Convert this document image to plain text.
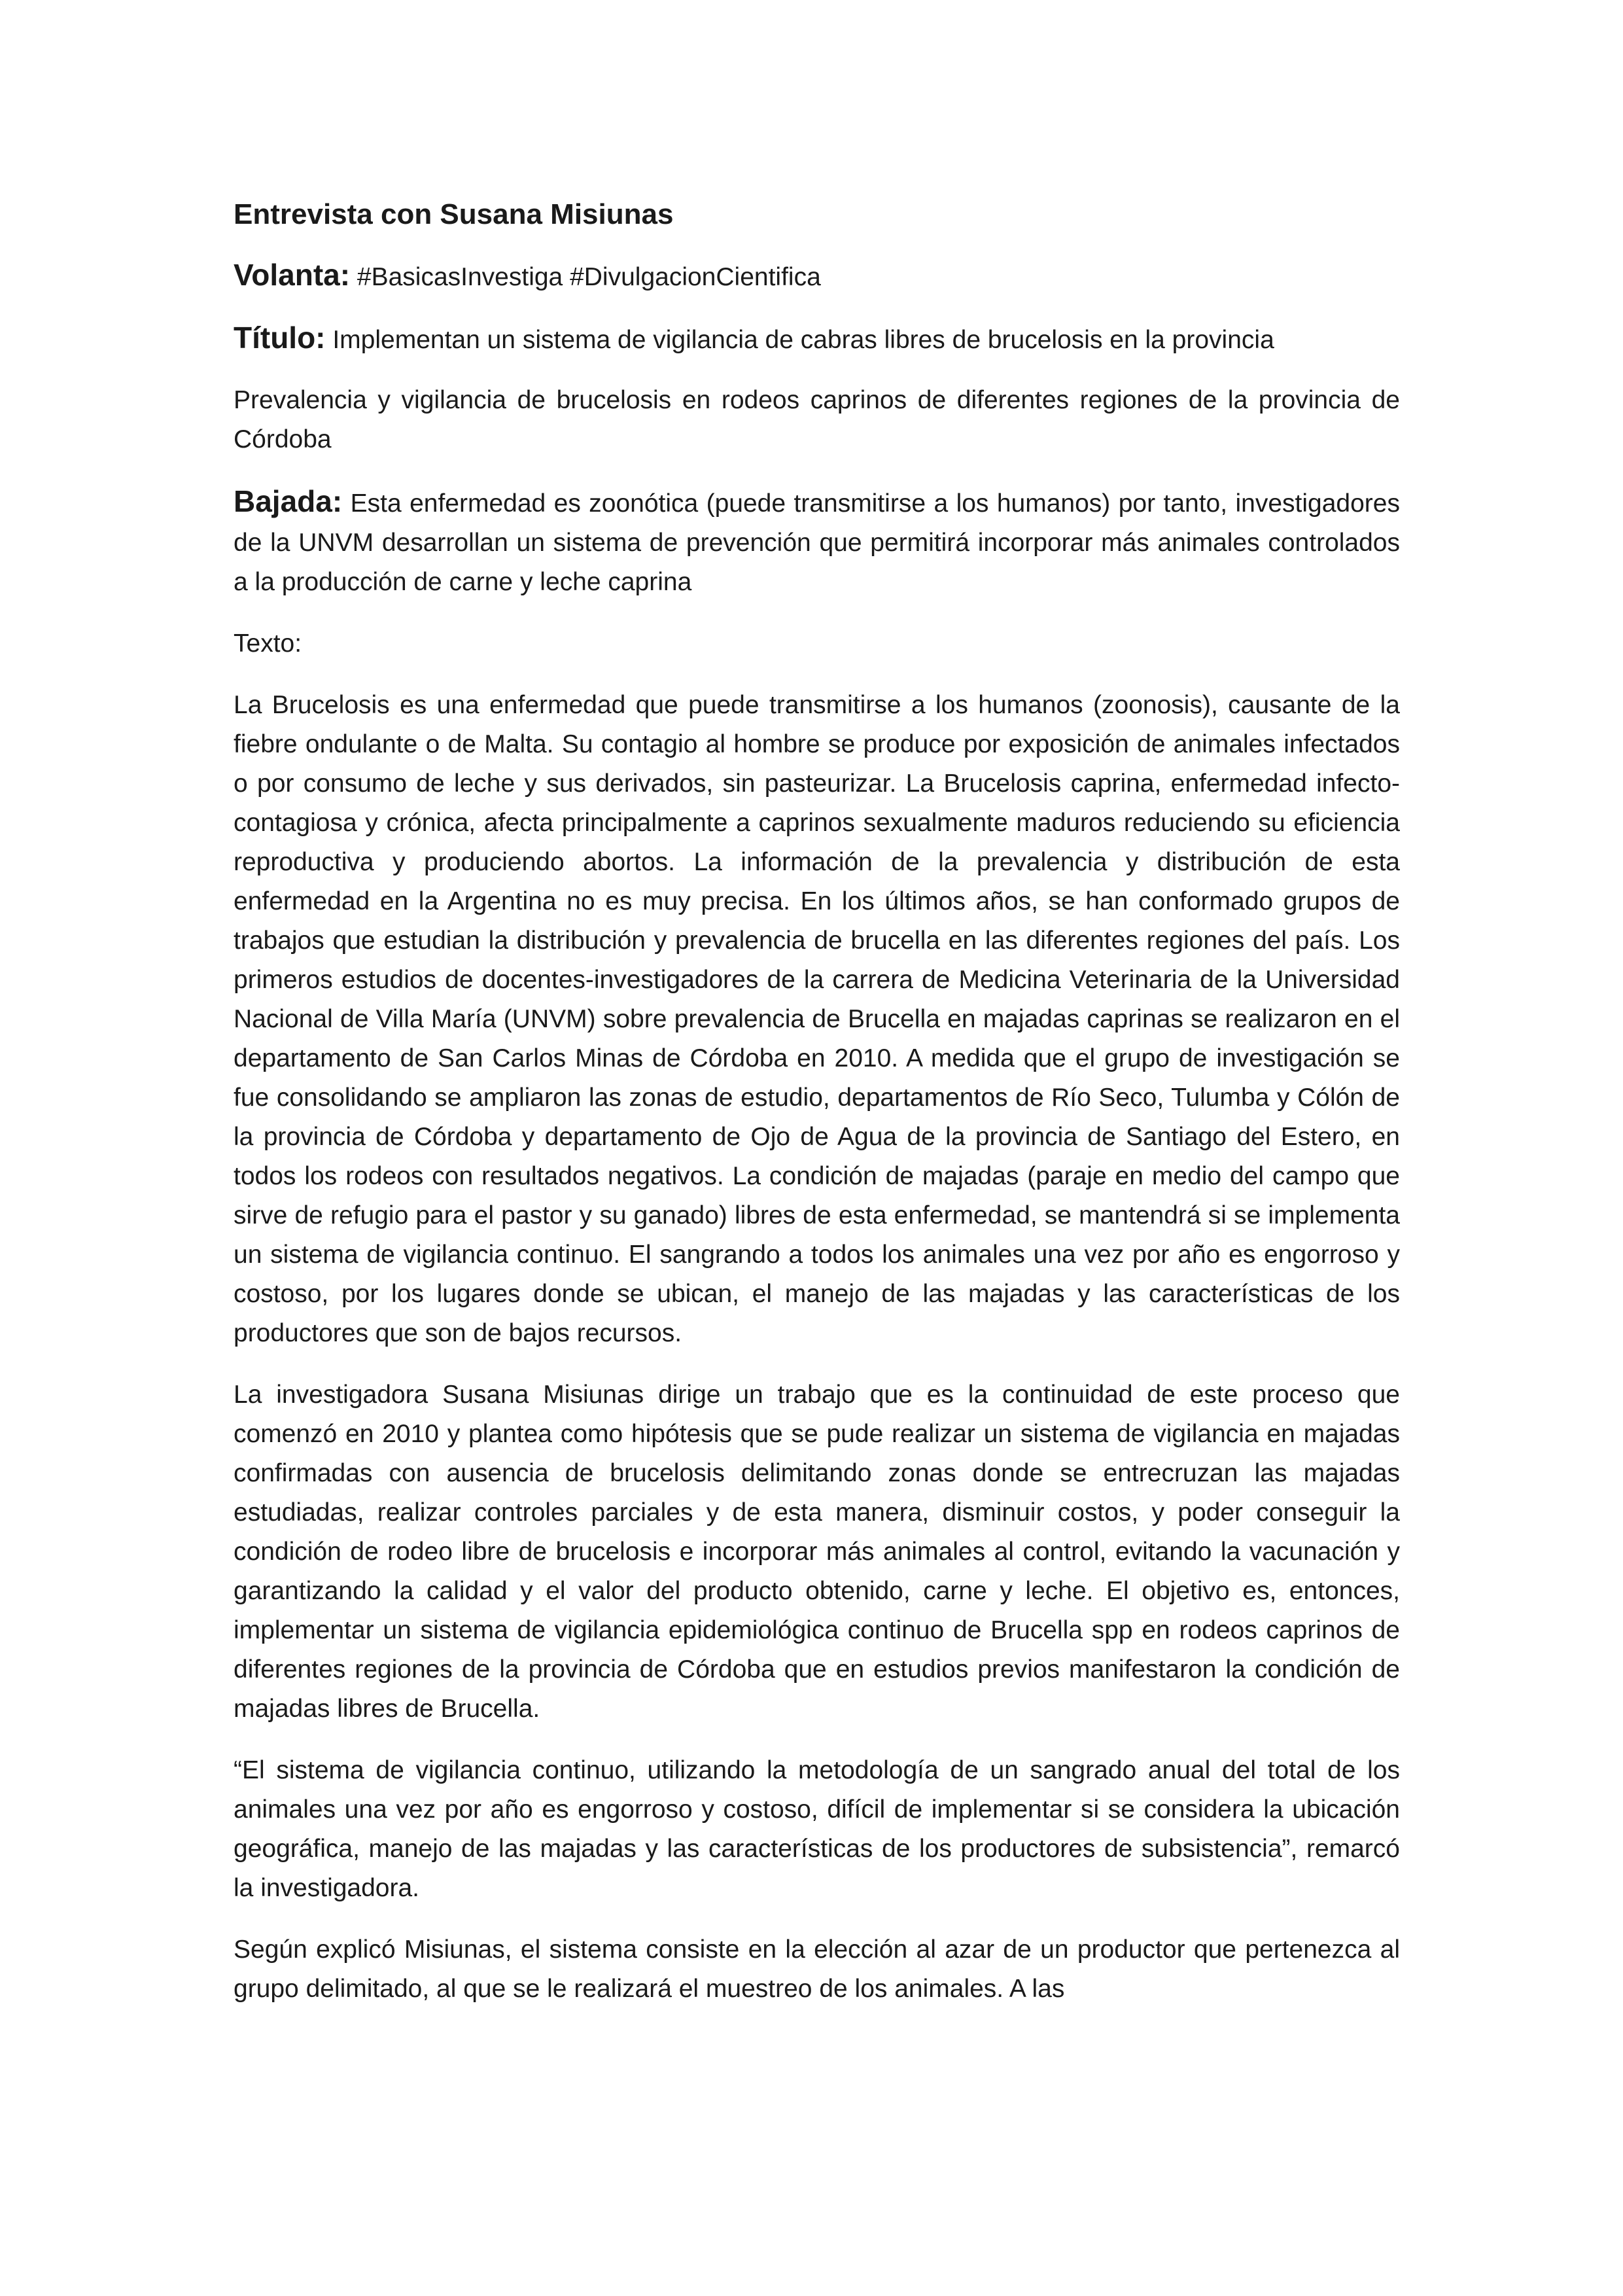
Entrevista con Susana Misiunas
Volanta: #BasicasInvestiga #DivulgacionCientifica
Título: Implementan un sistema de vigilancia de cabras libres de brucelosis en la provincia
Prevalencia y vigilancia de brucelosis en rodeos caprinos de diferentes regiones de la provincia de Córdoba
Bajada: Esta enfermedad es zoonótica (puede transmitirse a los humanos) por tanto, investigadores de la UNVM desarrollan un sistema de prevención que permitirá incorporar más animales controlados a la producción de carne y leche caprina
Texto:

La Brucelosis es una enfermedad que puede transmitirse a los humanos (zoonosis), causante de la fiebre ondulante o de Malta. Su contagio al hombre se produce por exposición de animales infectados o por consumo de leche y sus derivados, sin pasteurizar. La Brucelosis caprina, enfermedad infecto-contagiosa y crónica, afecta principalmente a caprinos sexualmente maduros reduciendo su eficiencia reproductiva y produciendo abortos. La información de la prevalencia y distribución de esta enfermedad en la Argentina no es muy precisa. En los últimos años, se han conformado grupos de trabajos que estudian la distribución y prevalencia de brucella en las diferentes regiones del país. Los primeros estudios de docentes-investigadores de la carrera de Medicina Veterinaria de la Universidad Nacional de Villa María (UNVM) sobre prevalencia de Brucella en majadas caprinas se realizaron en el departamento de San Carlos Minas de Córdoba en 2010. A medida que el grupo de investigación se fue consolidando se ampliaron las zonas de estudio, departamentos de Río Seco, Tulumba y Cólón de la provincia de Córdoba y departamento de Ojo de Agua de la provincia de Santiago del Estero, en todos los rodeos con resultados negativos. La condición de majadas (paraje en medio del campo que sirve de refugio para el pastor y su ganado) libres de esta enfermedad, se mantendrá si se implementa un sistema de vigilancia continuo. El sangrando a todos los animales una vez por año es engorroso y costoso, por los lugares donde se ubican, el manejo de las majadas y las características de los productores que son de bajos recursos.

La investigadora Susana Misiunas dirige un trabajo que es la continuidad de este proceso que comenzó en 2010 y plantea como hipótesis que se pude realizar un sistema de vigilancia en majadas confirmadas con ausencia de brucelosis delimitando zonas donde se entrecruzan las majadas estudiadas, realizar controles parciales y de esta manera, disminuir costos, y poder conseguir la condición de rodeo libre de brucelosis e incorporar más animales al control, evitando la vacunación y garantizando la calidad y el valor del producto obtenido, carne y leche. El objetivo es, entonces, implementar un sistema de vigilancia epidemiológica continuo de Brucella spp en rodeos caprinos de diferentes regiones de la provincia de Córdoba que en estudios previos manifestaron la condición de majadas libres de Brucella.

“El sistema de vigilancia continuo, utilizando la metodología de un sangrado anual del total de los animales una vez por año es engorroso y costoso, difícil de implementar si se considera la ubicación geográfica, manejo de las majadas y las características de los productores de subsistencia”, remarcó la investigadora.

Según explicó Misiunas, el sistema consiste en la elección al azar de un productor que pertenezca al grupo delimitado, al que se le realizará el muestreo de los animales. A las
